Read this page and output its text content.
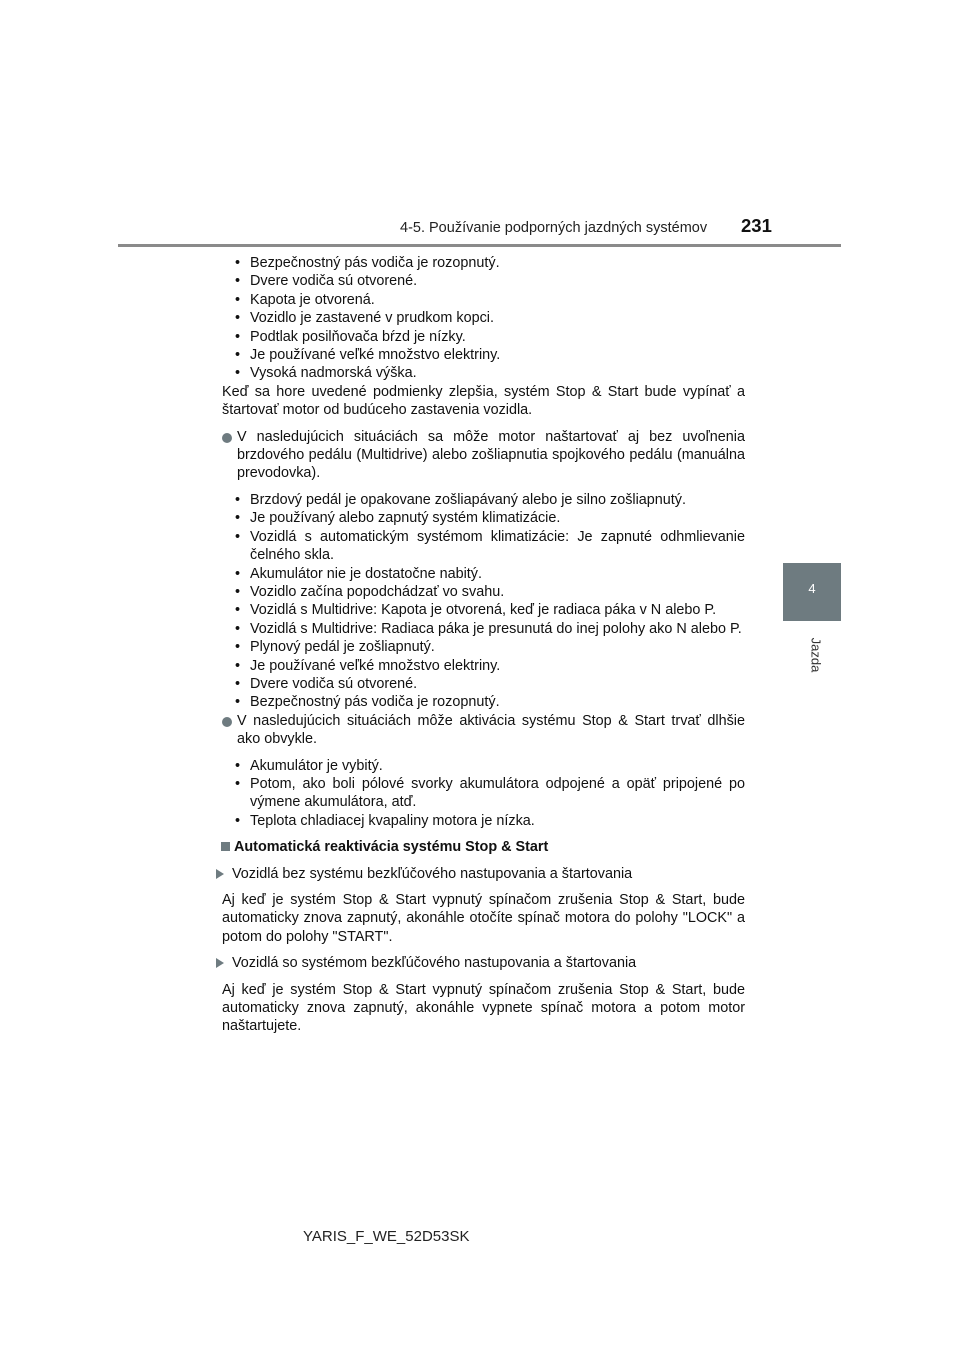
4-5. Používanie podporných jazdných systémov 231
4
Jazda
• Bezpečnostný pás vodiča je rozopnutý.
• Dvere vodiča sú otvorené.
• Kapota je otvorená.
• Vozidlo je zastavené v prudkom kopci.
• Podtlak posilňovača bŕzd je nízky.
• Je používané veľké množstvo elektriny.
• Vysoká nadmorská výška.
Keď sa hore uvedené podmienky zlepšia, systém Stop & Start bude vypínať a štartovať motor od budúceho zastavenia vozidla.
V nasledujúcich situáciách sa môže motor naštartovať aj bez uvoľnenia brzdového pedálu (Multidrive) alebo zošliapnutia spojkového pedálu (manuálna prevodovka).
• Brzdový pedál je opakovane zošliapávaný alebo je silno zošliapnutý.
• Je používaný alebo zapnutý systém klimatizácie.
• Vozidlá s automatickým systémom klimatizácie: Je zapnuté odhmlievanie čelného skla.
• Akumulátor nie je dostatočne nabitý.
• Vozidlo začína popodchádzať vo svahu.
• Vozidlá s Multidrive: Kapota je otvorená, keď je radiaca páka v N alebo P.
• Vozidlá s Multidrive: Radiaca páka je presunutá do inej polohy ako N alebo P.
• Plynový pedál je zošliapnutý.
• Je používané veľké množstvo elektriny.
• Dvere vodiča sú otvorené.
• Bezpečnostný pás vodiča je rozopnutý.
V nasledujúcich situáciách môže aktivácia systému Stop & Start trvať dlhšie ako obvykle.
• Akumulátor je vybitý.
• Potom, ako boli pólové svorky akumulátora odpojené a opäť pripojené po výmene akumulátora, atď.
• Teplota chladiacej kvapaliny motora je nízka.
Automatická reaktivácia systému Stop & Start
Vozidlá bez systému bezkľúčového nastupovania a štartovania
Aj keď je systém Stop & Start vypnutý spínačom zrušenia Stop & Start, bude automaticky znova zapnutý, akonáhle otočíte spínač motora do polohy "LOCK" a potom do polohy "START".
Vozidlá so systémom bezkľúčového nastupovania a štartovania
Aj keď je systém Stop & Start vypnutý spínačom zrušenia Stop & Start, bude automaticky znova zapnutý, akonáhle vypnete spínač motora a potom motor naštartujete.
YARIS_F_WE_52D53SK
